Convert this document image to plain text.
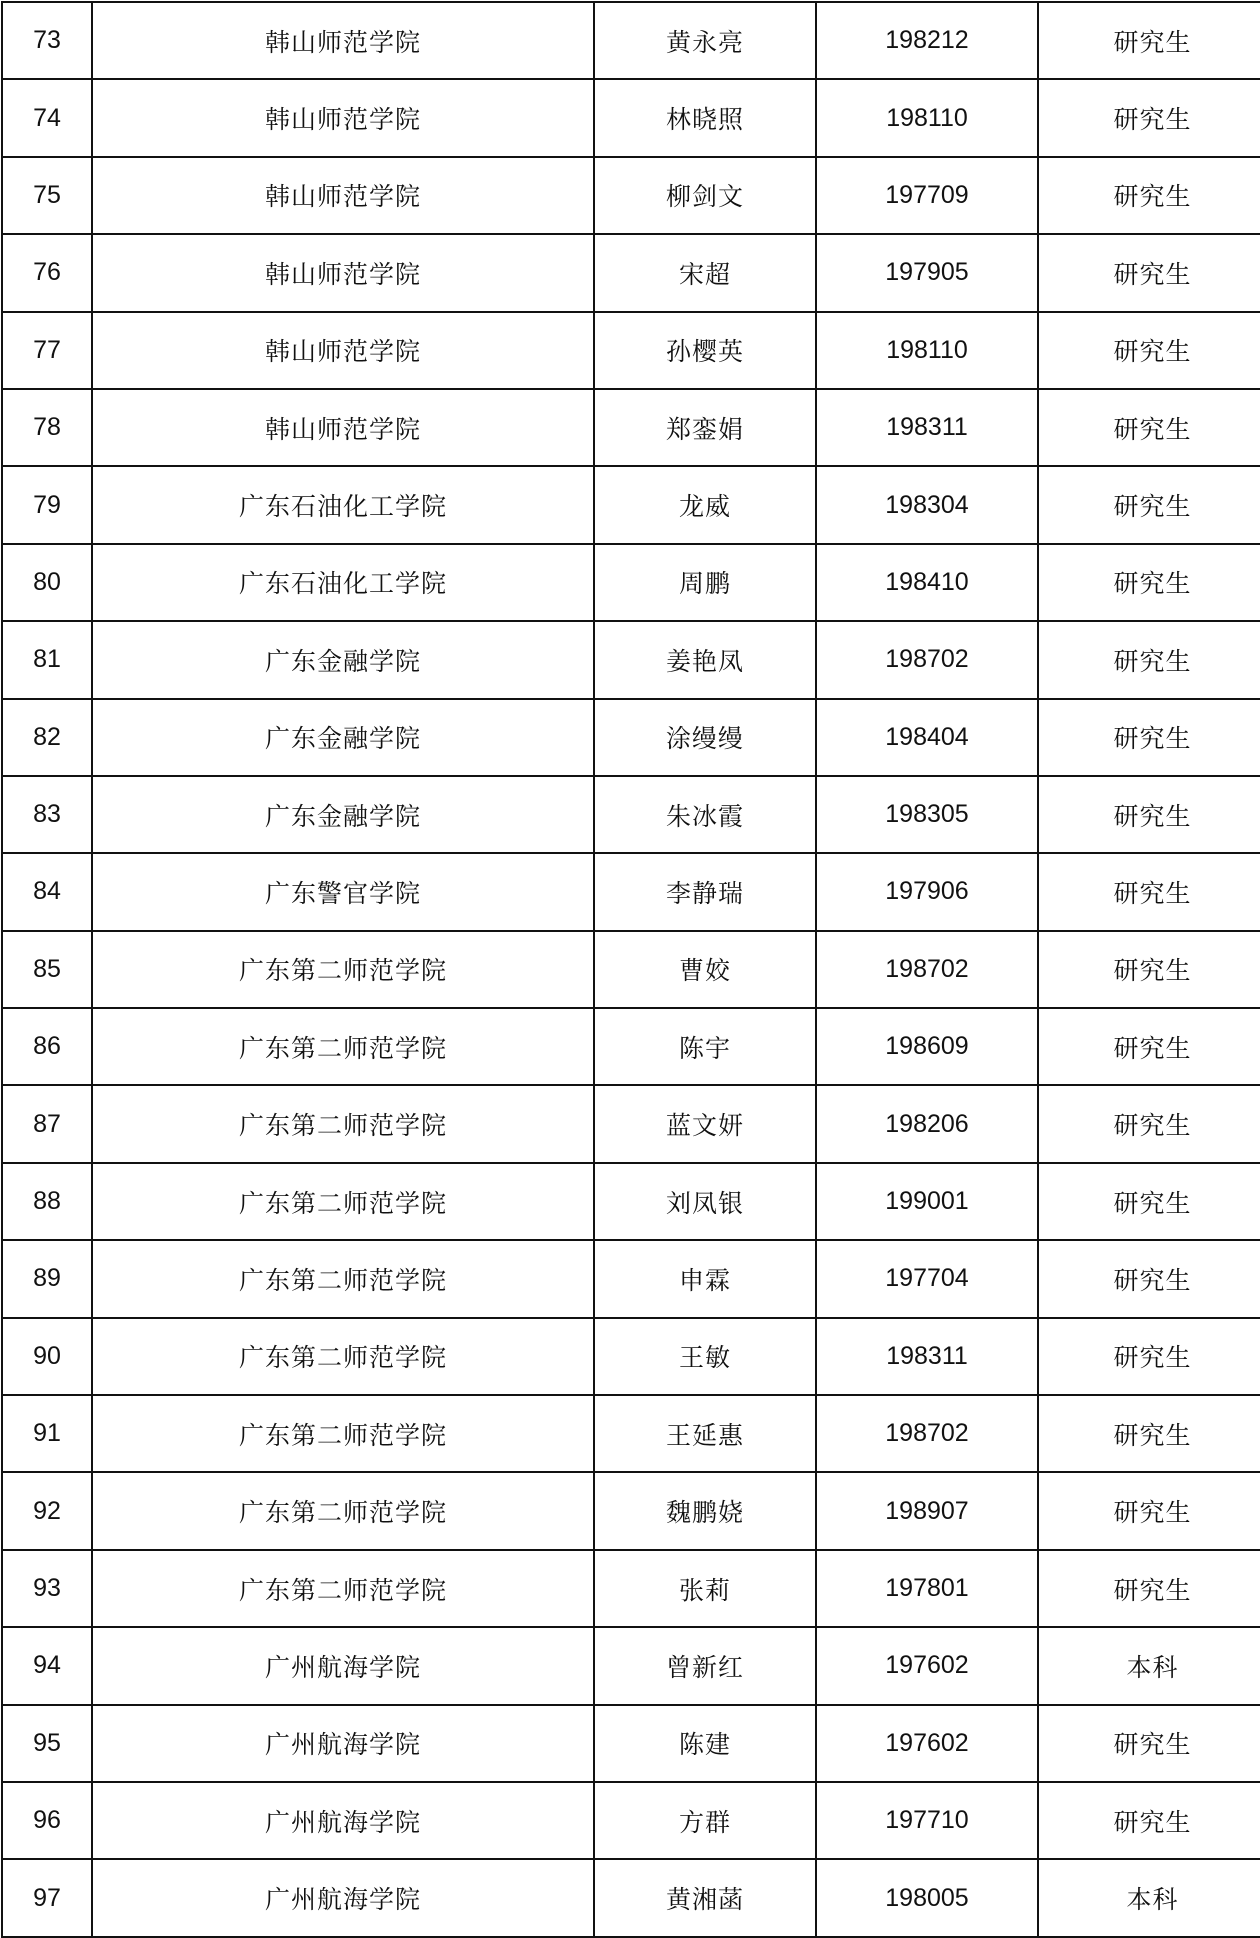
73	韩山师范学院	黄永亮	198212	研究生
74	韩山师范学院	林晓照	198110	研究生
75	韩山师范学院	柳剑文	197709	研究生
76	韩山师范学院	宋超	197905	研究生
77	韩山师范学院	孙樱英	198110	研究生
78	韩山师范学院	郑銮娟	198311	研究生
79	广东石油化工学院	龙威	198304	研究生
80	广东石油化工学院	周鹏	198410	研究生
81	广东金融学院	姜艳凤	198702	研究生
82	广东金融学院	涂缦缦	198404	研究生
83	广东金融学院	朱冰霞	198305	研究生
84	广东警官学院	李静瑞	197906	研究生
85	广东第二师范学院	曹姣	198702	研究生
86	广东第二师范学院	陈宇	198609	研究生
87	广东第二师范学院	蓝文妍	198206	研究生
88	广东第二师范学院	刘凤银	199001	研究生
89	广东第二师范学院	申霖	197704	研究生
90	广东第二师范学院	王敏	198311	研究生
91	广东第二师范学院	王延惠	198702	研究生
92	广东第二师范学院	魏鹏娆	198907	研究生
93	广东第二师范学院	张莉	197801	研究生
94	广州航海学院	曾新红	197602	本科
95	广州航海学院	陈建	197602	研究生
96	广州航海学院	方群	197710	研究生
97	广州航海学院	黄湘菡	198005	本科
